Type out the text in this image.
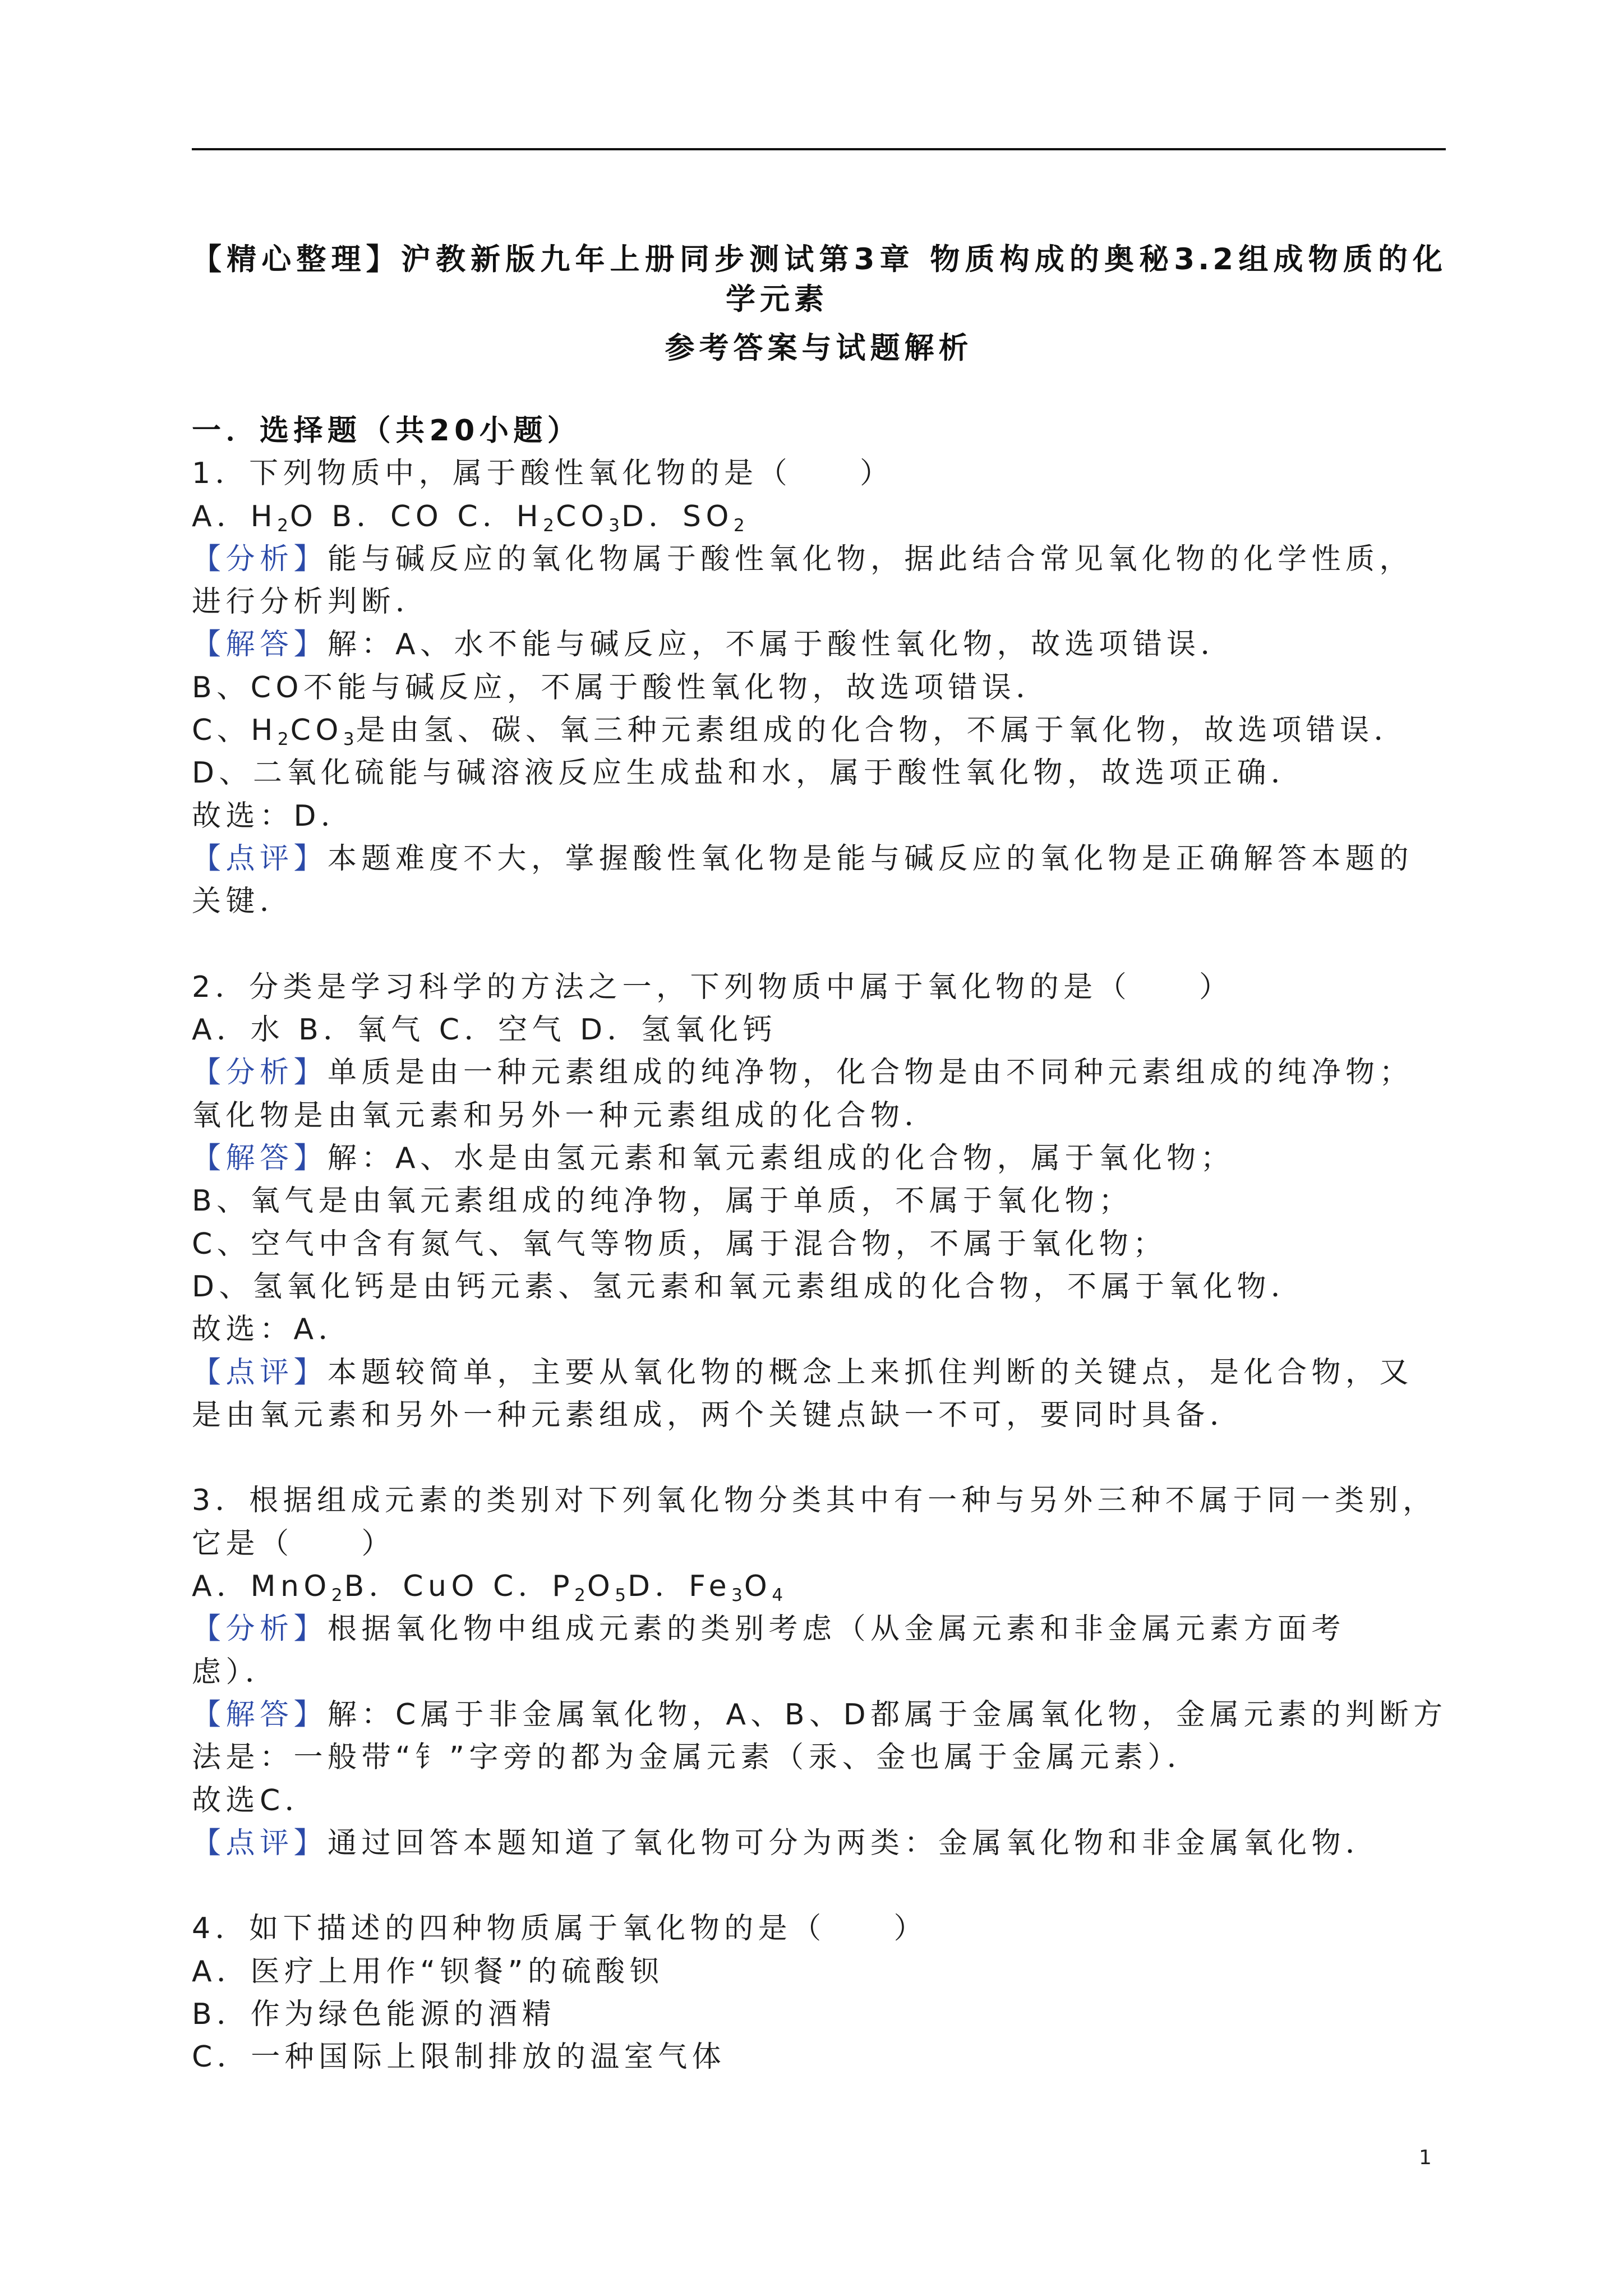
【精心整理】沪教新版九年上册同步测试第3章 物质构成的奥秘3.2组成物质的化
学元素
参考答案与试题解析
一．选择题（共20小题）
1．下列物质中，属于酸性氧化物的是（　　）
A．$H_2O$ B．CO C．$H_2CO_3D$．$SO_2$
【分析】能与碱反应的氧化物属于酸性氧化物，据此结合常见氧化物的化学性质，
进行分析判断．
【解答】解：A、水不能与碱反应，不属于酸性氧化物，故选项错误．
B、CO不能与碱反应，不属于酸性氧化物，故选项错误．
C、$H_2CO_3$是由氢、碳、氧三种元素组成的化合物，不属于氧化物，故选项错误．
D、二氧化硫能与碱溶液反应生成盐和水，属于酸性氧化物，故选项正确．
故选：D．
【点评】本题难度不大，掌握酸性氧化物是能与碱反应的氧化物是正确解答本题的
关键．
2．分类是学习科学的方法之一，下列物质中属于氧化物的是（　　）
A．水 B．氧气 C．空气 D．氢氧化钙
【分析】单质是由一种元素组成的纯净物，化合物是由不同种元素组成的纯净物；
氧化物是由氧元素和另外一种元素组成的化合物．
【解答】解：A、水是由氢元素和氧元素组成的化合物，属于氧化物；
B、氧气是由氧元素组成的纯净物，属于单质，不属于氧化物；
C、空气中含有氮气、氧气等物质，属于混合物，不属于氧化物；
D、氢氧化钙是由钙元素、氢元素和氧元素组成的化合物，不属于氧化物．
故选：A．
【点评】本题较简单，主要从氧化物的概念上来抓住判断的关键点，是化合物，又
是由氧元素和另外一种元素组成，两个关键点缺一不可，要同时具备．
3．根据组成元素的类别对下列氧化物分类其中有一种与另外三种不属于同一类别，
它是（　　）
A．MnO$_2$B．CuO C．$P_2O_5D$．$Fe_3O_4$
【分析】根据氧化物中组成元素的类别考虑（从金属元素和非金属元素方面考
虑）．
【解答】解：C属于非金属氧化物，A、B、D都属于金属氧化物，金属元素的判断方
法是：一般带“钅”字旁的都为金属元素（汞、金也属于金属元素）．
故选C．
【点评】通过回答本题知道了氧化物可分为两类：金属氧化物和非金属氧化物．
4．如下描述的四种物质属于氧化物的是（　　）
A．医疗上用作“钡餐”的硫酸钡
B．作为绿色能源的酒精
C．一种国际上限制排放的温室气体
1
